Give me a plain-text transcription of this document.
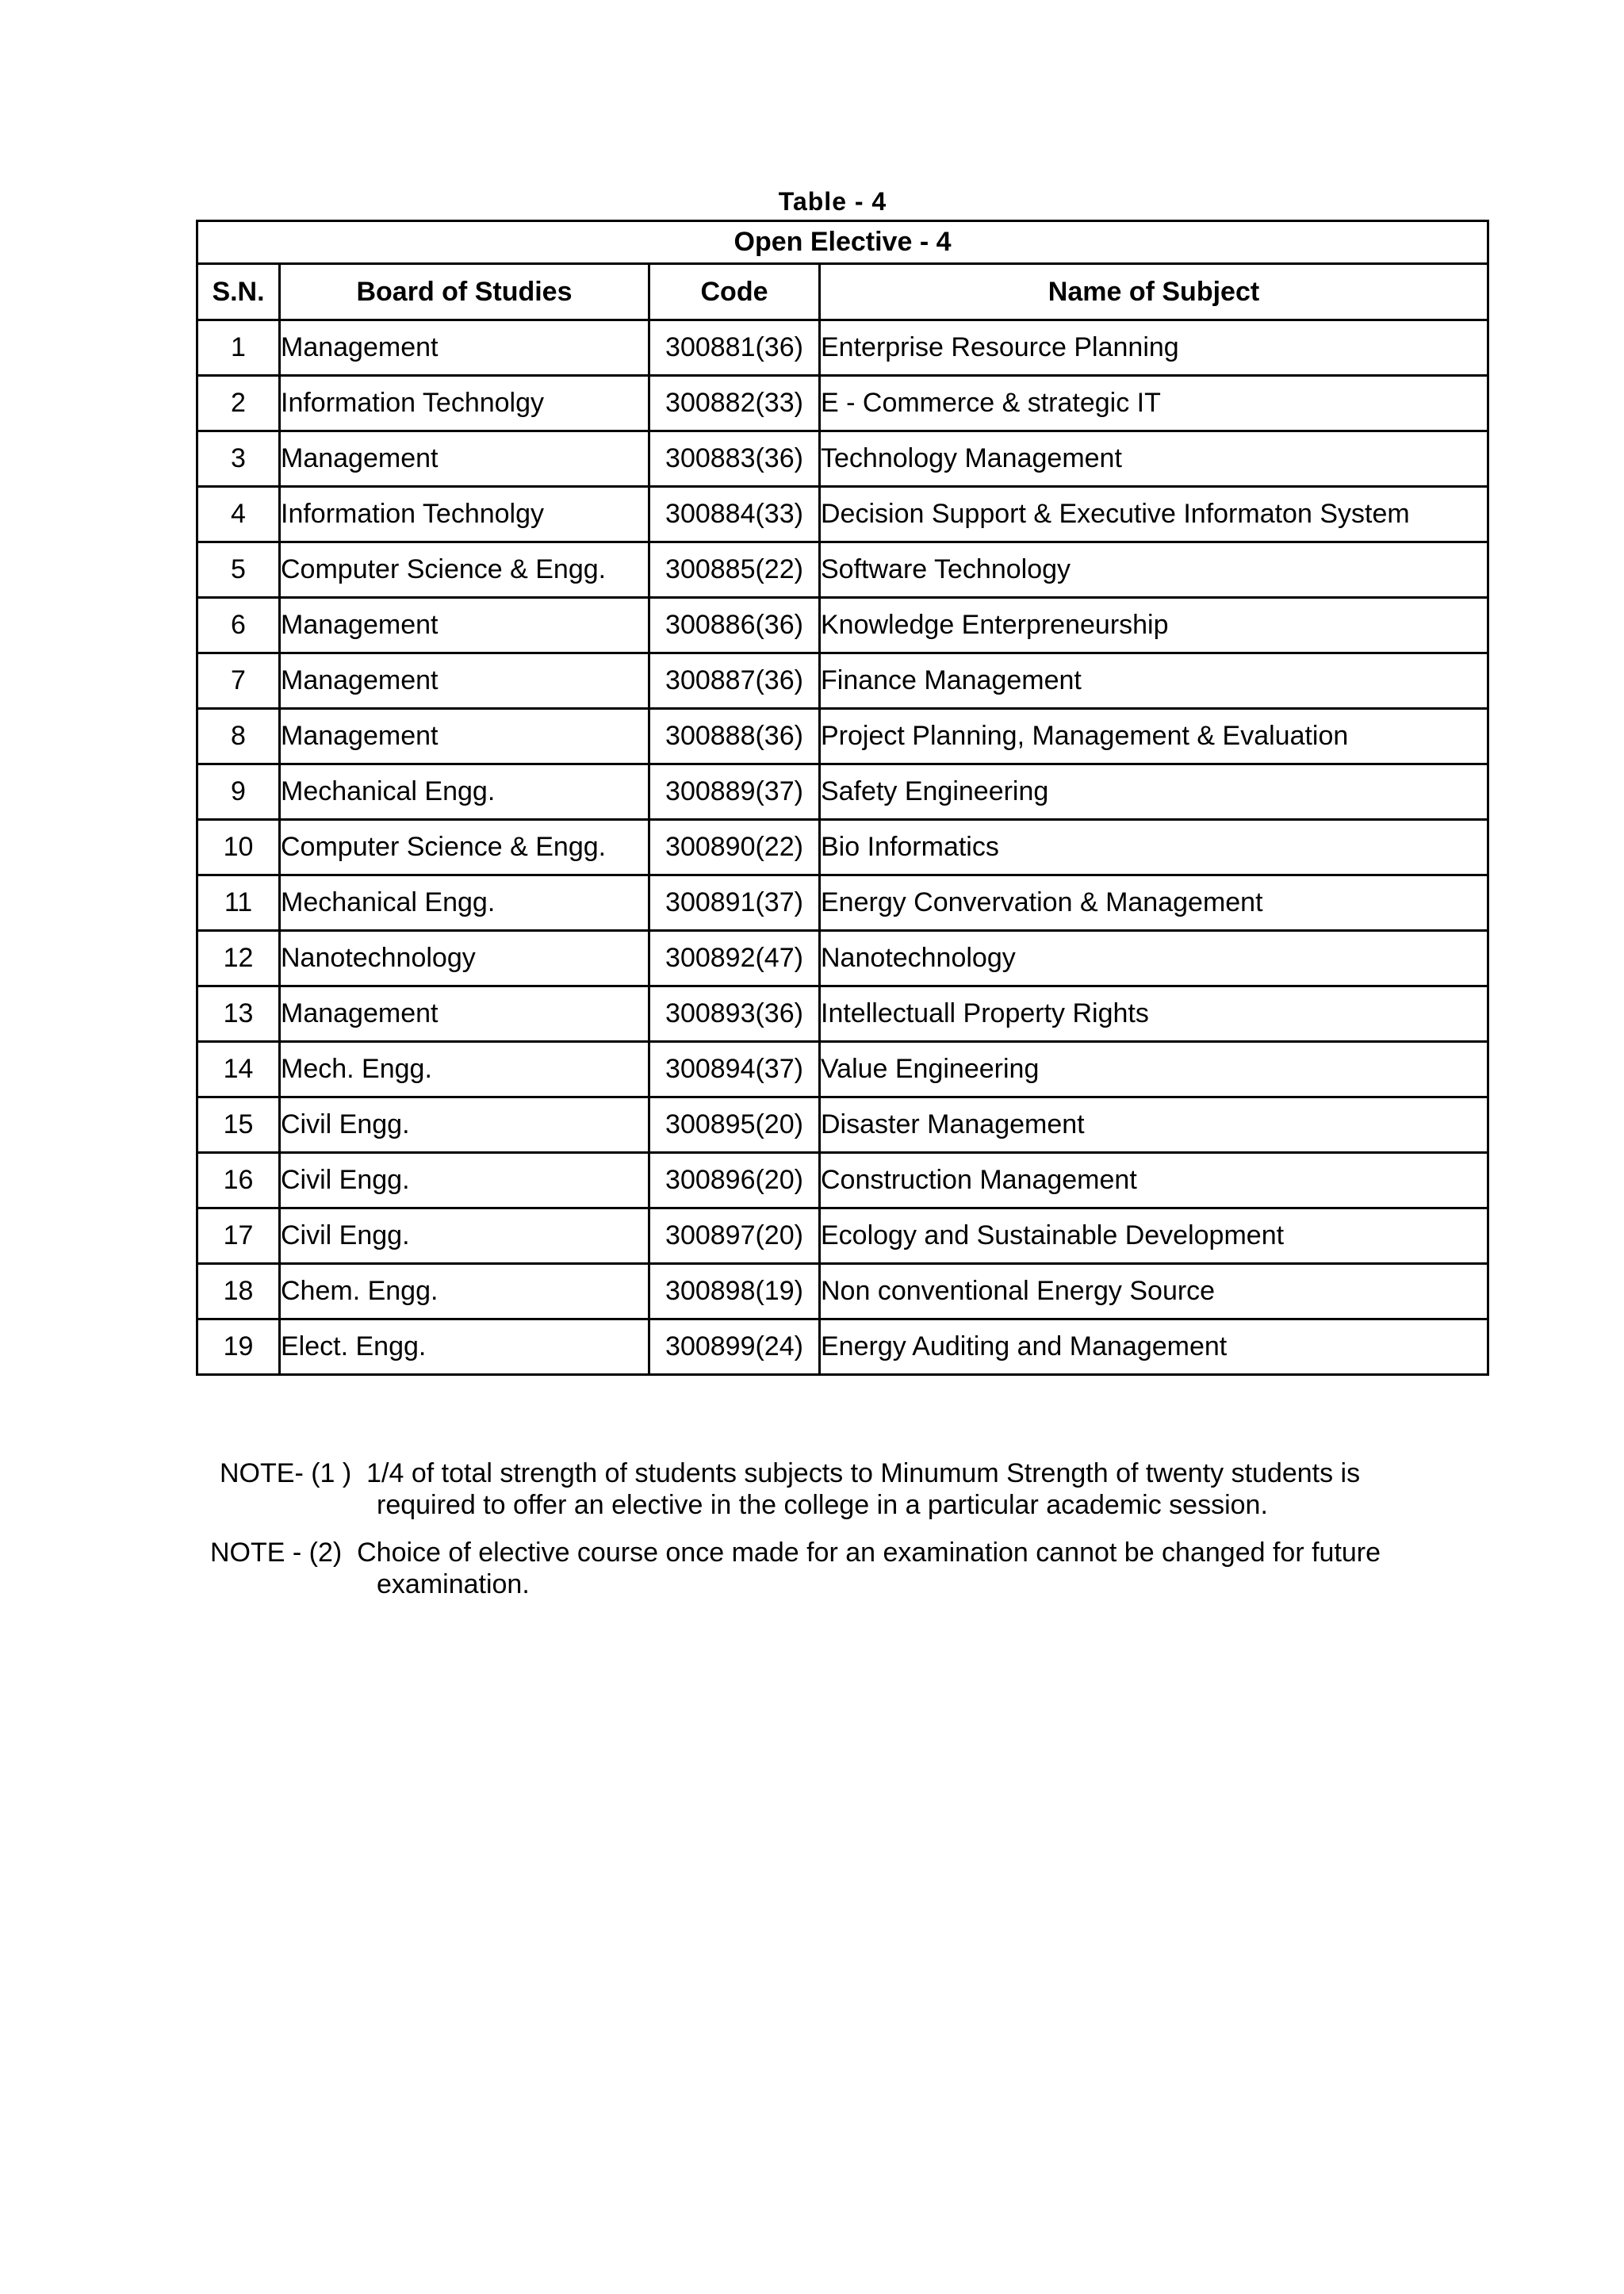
Table - 4
Open Elective - 4			
S.N.	Board of Studies	Code	Name of Subject
1	Management	300881(36)	Enterprise Resource Planning
2	Information Technolgy	300882(33)	E - Commerce & strategic IT
3	Management	300883(36)	Technology Management
4	Information Technolgy	300884(33)	Decision Support & Executive Informaton System
5	Computer Science & Engg.	300885(22)	Software Technology
6	Management	300886(36)	Knowledge Enterpreneurship
7	Management	300887(36)	Finance Management
8	Management	300888(36)	Project Planning, Management & Evaluation
9	Mechanical Engg.	300889(37)	Safety Engineering
10	Computer Science & Engg.	300890(22)	Bio Informatics
11	Mechanical Engg.	300891(37)	Energy Convervation & Management
12	Nanotechnology	300892(47)	Nanotechnology
13	Management	300893(36)	Intellectuall Property Rights
14	Mech. Engg.	300894(37)	Value Engineering
15	Civil Engg.	300895(20)	Disaster Management
16	Civil Engg.	300896(20)	Construction Management
17	Civil Engg.	300897(20)	Ecology and Sustainable Development
18	Chem. Engg.	300898(19)	Non conventional Energy Source
19	Elect. Engg.	300899(24)	Energy Auditing and Management
NOTE- (1 ) 1/4 of total strength of students subjects to Minumum Strength of twenty students is
required to offer an elective in the college in a particular academic session.
NOTE - (2) Choice of elective course once made for an examination cannot be changed for future
examination.
